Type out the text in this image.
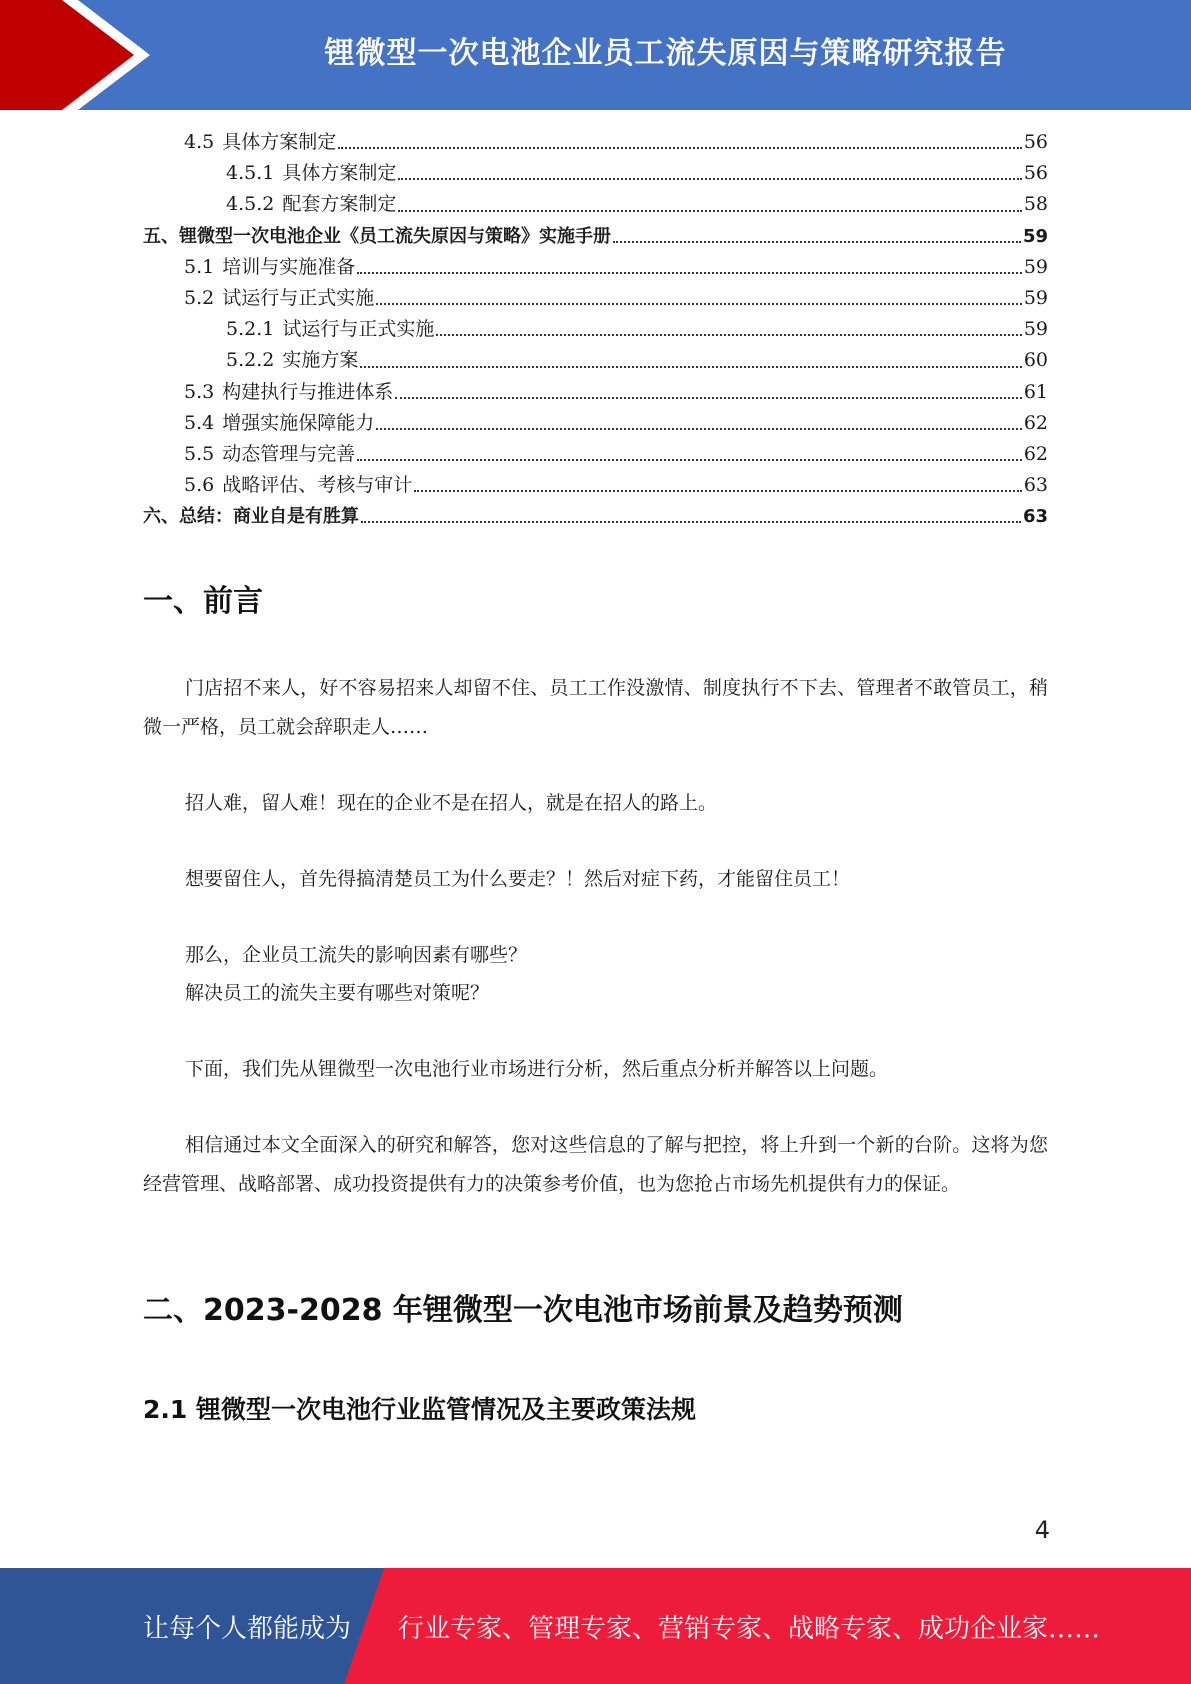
锂微型一次电池企业员工流失原因与策略研究报告
4.5 具体方案制定	56
4.5.1 具体方案制定	56
4.5.2 配套方案制定	58
五、锂微型一次电池企业《员工流失原因与策略》实施手册	59
5.1 培训与实施准备	59
5.2 试运行与正式实施	59
5.2.1 试运行与正式实施	59
5.2.2 实施方案	60
5.3 构建执行与推进体系	61
5.4 增强实施保障能力	62
5.5 动态管理与完善	62
5.6 战略评估、考核与审计	63
六、总结：商业自是有胜算	63
一、前言
门店招不来人，好不容易招来人却留不住、员工工作没激情、制度执行不下去、管理者不敢管员工，稍微一严格，员工就会辞职走人……
招人难，留人难！现在的企业不是在招人，就是在招人的路上。
想要留住人，首先得搞清楚员工为什么要走？！然后对症下药，才能留住员工！
那么，企业员工流失的影响因素有哪些？
解决员工的流失主要有哪些对策呢？
下面，我们先从锂微型一次电池行业市场进行分析，然后重点分析并解答以上问题。
相信通过本文全面深入的研究和解答，您对这些信息的了解与把控，将上升到一个新的台阶。这将为您经营管理、战略部署、成功投资提供有力的决策参考价值，也为您抢占市场先机提供有力的保证。
二、2023-2028 年锂微型一次电池市场前景及趋势预测
2.1 锂微型一次电池行业监管情况及主要政策法规
4
让每个人都能成为 行业专家、管理专家、营销专家、战略专家、成功企业家……
